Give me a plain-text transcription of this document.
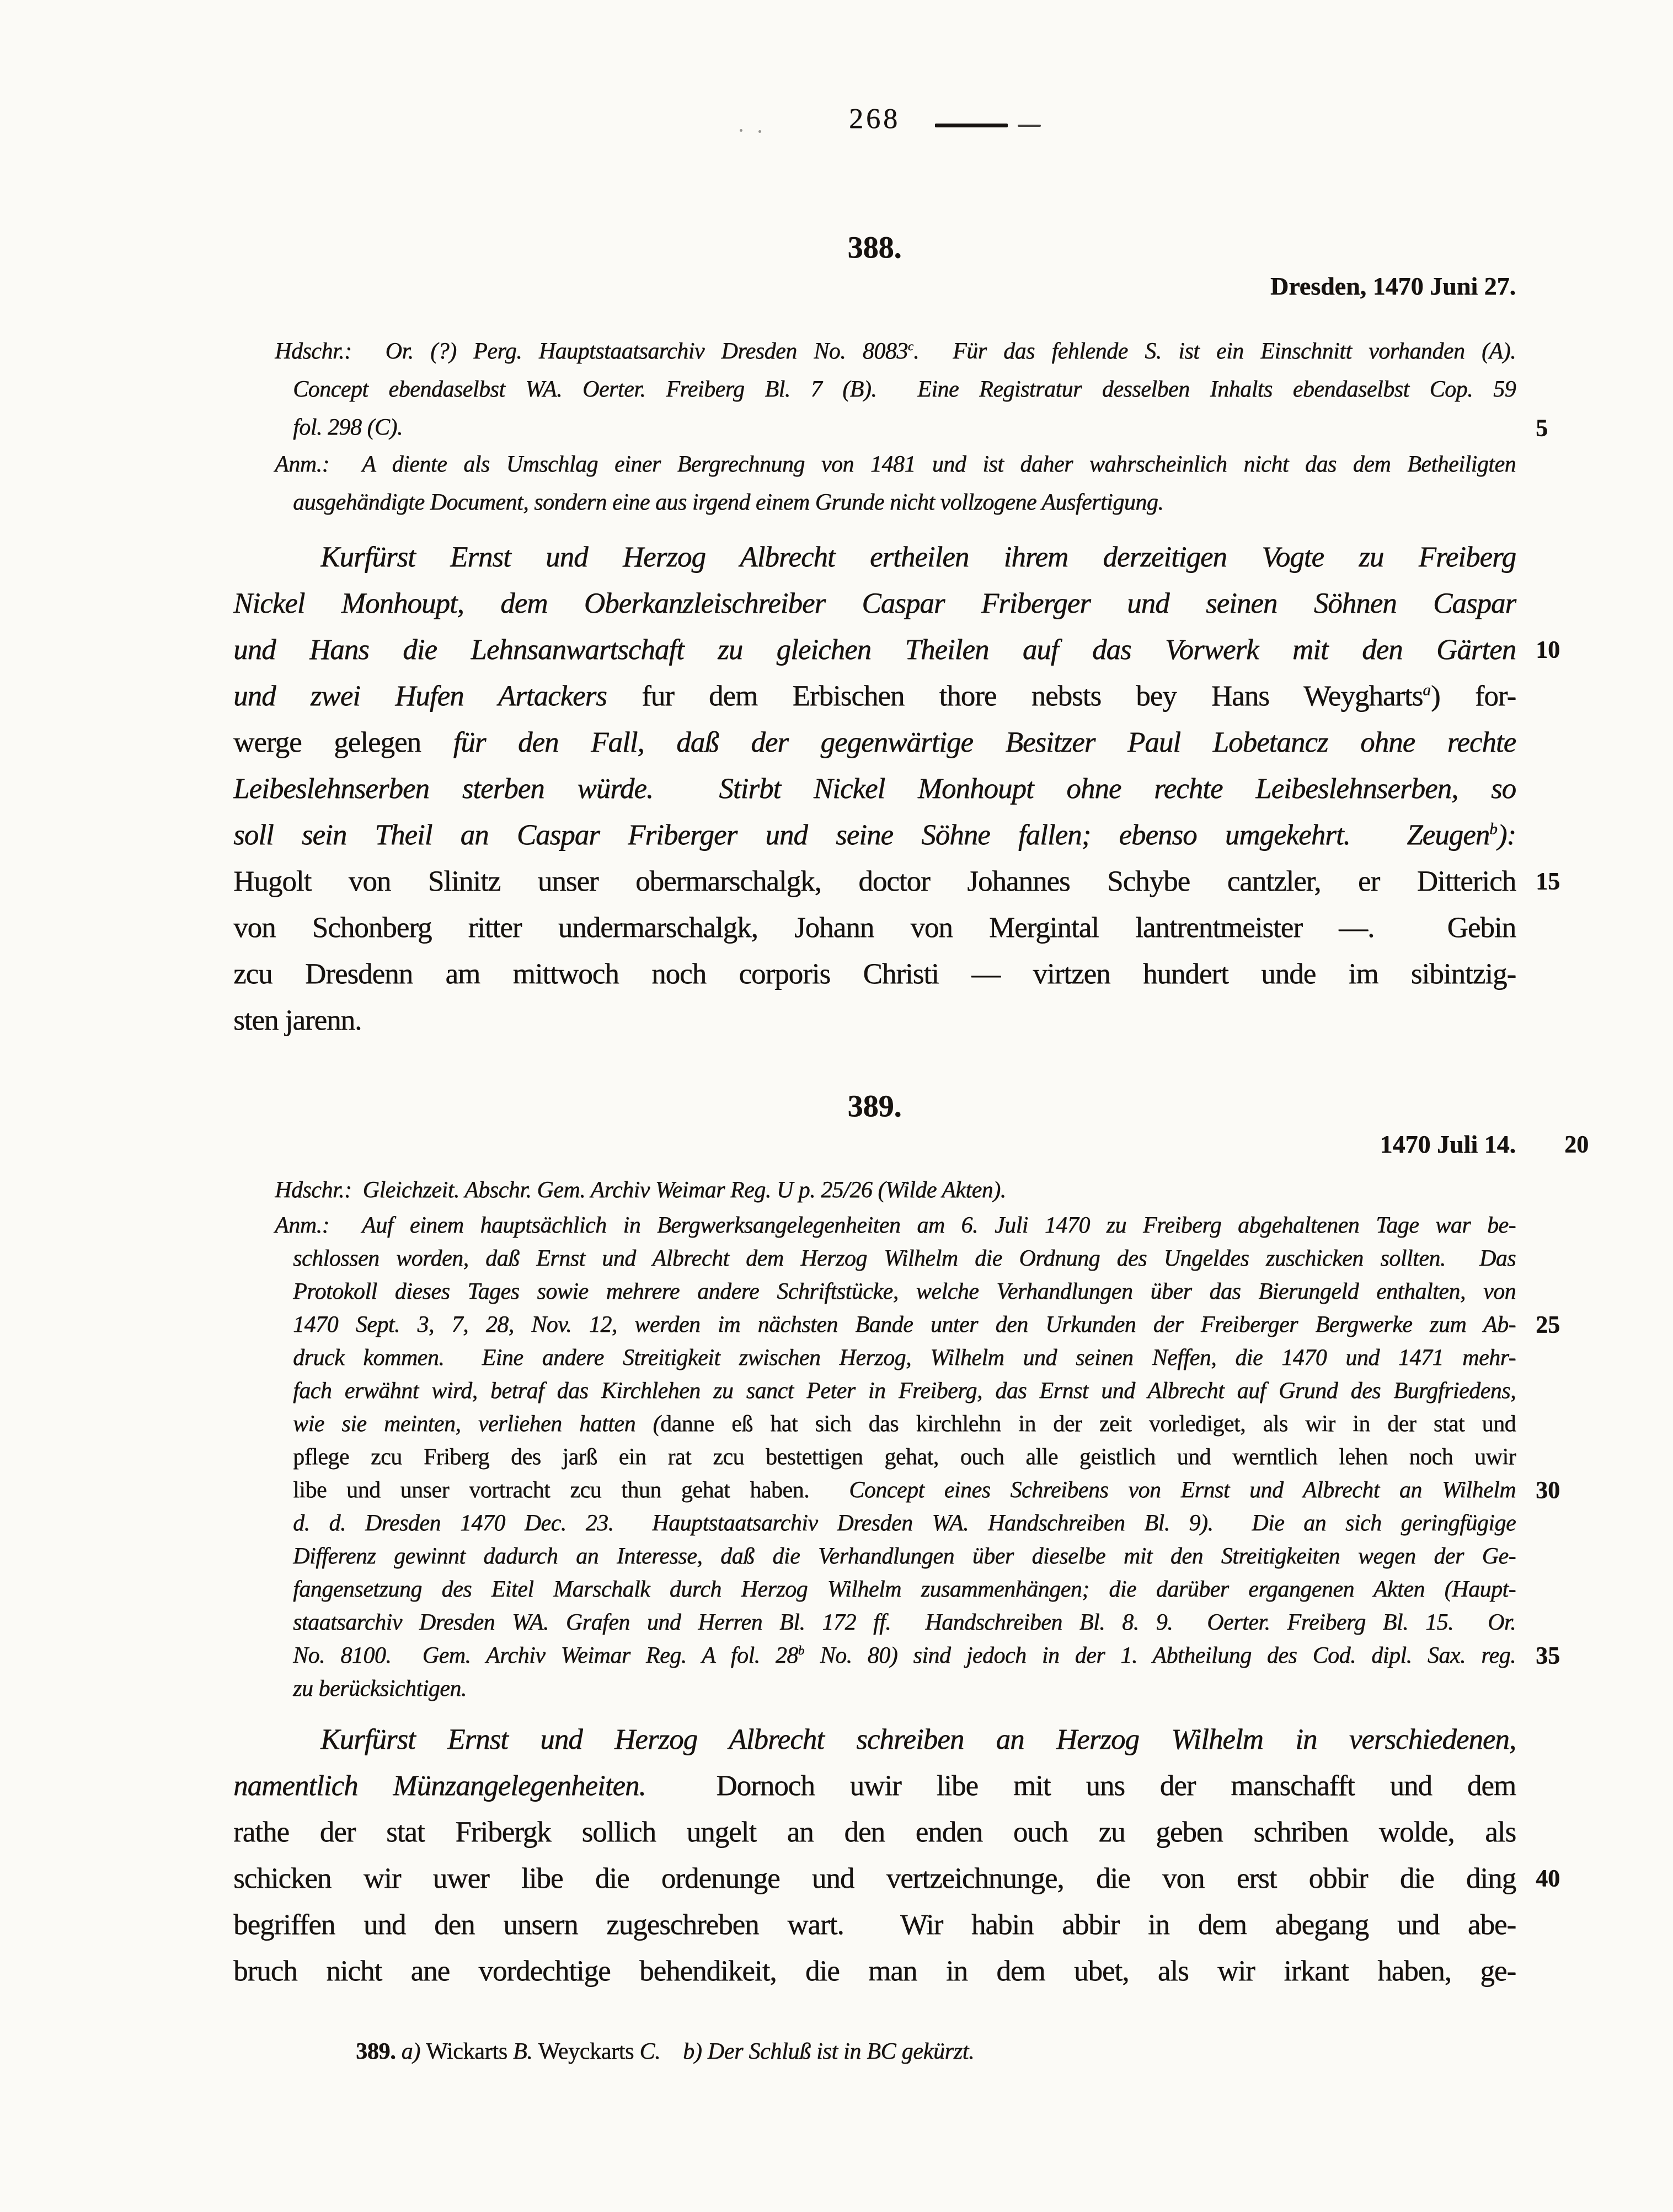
268
388.
Dresden, 1470 Juni 27.
Hdschr.:  Or. (?) Perg. Hauptstaatsarchiv Dresden No. 8083$^c$.  Für das fehlende S. ist ein Einschnitt vorhanden (A).
Concept ebendaselbst WA. Oerter. Freiberg Bl. 7 (B).  Eine Registratur desselben Inhalts ebendaselbst Cop. 59
fol. 298 (C).	5
Anm.:  A diente als Umschlag einer Bergrechnung von 1481 und ist daher wahrscheinlich nicht das dem Betheiligten
ausgehändigte Document, sondern eine aus irgend einem Grunde nicht vollzogene Ausfertigung.
Kurfürst Ernst und Herzog Albrecht ertheilen ihrem derzeitigen Vogte zu Freiberg
Nickel Monhoupt, dem Oberkanzleischreiber Caspar Friberger und seinen Söhnen Caspar
und Hans die Lehnsanwartschaft zu gleichen Theilen auf das Vorwerk mit den Gärten 10
und zwei Hufen Artackers fur dem Erbischen thore nebsts bey Hans Weygharts$^a$) for-
werge gelegen für den Fall, daß der gegenwärtige Besitzer Paul Lobetancz ohne rechte
Leibeslehnserben sterben würde.  Stirbt Nickel Monhoupt ohne rechte Leibeslehnserben, so
soll sein Theil an Caspar Friberger und seine Söhne fallen; ebenso umgekehrt.  Zeugen$^b$):
Hugolt von Slinitz unser obermarschalgk, doctor Johannes Schybe cantzler, er Ditterich 15
von Schonberg ritter undermarschalgk, Johann von Mergintal lantrentmeister —.  Gebin
zcu Dresdenn am mittwoch noch corporis Christi — virtzen hundert unde im sibintzig-
sten jarenn.
389.
1470 Juli 14.	20
Hdschr.:  Gleichzeit. Abschr. Gem. Archiv Weimar Reg. U p. 25/26 (Wilde Akten).
Anm.:  Auf einem hauptsächlich in Bergwerksangelegenheiten am 6. Juli 1470 zu Freiberg abgehaltenen Tage war be-
schlossen worden, daß Ernst und Albrecht dem Herzog Wilhelm die Ordnung des Ungeldes zuschicken sollten.  Das
Protokoll dieses Tages sowie mehrere andere Schriftstücke, welche Verhandlungen über das Bierungeld enthalten, von
1470 Sept. 3, 7, 28, Nov. 12, werden im nächsten Bande unter den Urkunden der Freiberger Bergwerke zum Ab- 25
druck kommen.  Eine andere Streitigkeit zwischen Herzog, Wilhelm und seinen Neffen, die 1470 und 1471 mehr-
fach erwähnt wird, betraf das Kirchlehen zu sanct Peter in Freiberg, das Ernst und Albrecht auf Grund des Burgfriedens,
wie sie meinten, verliehen hatten (danne eß hat sich das kirchlehn in der zeit vorlediget, als wir in der stat und
pflege zcu Friberg des jarß ein rat zcu bestettigen gehat, ouch alle geistlich und werntlich lehen noch uwir
libe und unser vortracht zcu thun gehat haben.  Concept eines Schreibens von Ernst und Albrecht an Wilhelm 30
d. d. Dresden 1470 Dec. 23.  Hauptstaatsarchiv Dresden WA. Handschreiben Bl. 9).  Die an sich geringfügige
Differenz gewinnt dadurch an Interesse, daß die Verhandlungen über dieselbe mit den Streitigkeiten wegen der Ge-
fangensetzung des Eitel Marschalk durch Herzog Wilhelm zusammenhängen; die darüber ergangenen Akten (Haupt-
staatsarchiv Dresden WA. Grafen und Herren Bl. 172 ff.  Handschreiben Bl. 8. 9.  Oerter. Freiberg Bl. 15.  Or.
No. 8100.  Gem. Archiv Weimar Reg. A fol. 28$^b$ No. 80) sind jedoch in der 1. Abtheilung des Cod. dipl. Sax. reg. 35
zu berücksichtigen.
Kurfürst Ernst und Herzog Albrecht schreiben an Herzog Wilhelm in verschiedenen,
namentlich Münzangelegenheiten.  Dornoch uwir libe mit uns der manschafft und dem
rathe der stat Fribergk sollich ungelt an den enden ouch zu geben schriben wolde, als
schicken wir uwer libe die ordenunge und vertzeichnunge, die von erst obbir die ding 40
begriffen und den unsern zugeschreben wart.  Wir habin abbir in dem abegang und abe-
bruch nicht ane vordechtige behendikeit, die man in dem ubet, als wir irkant haben, ge-
389. a) Wickarts B. Weyckarts C.    b) Der Schluß ist in BC gekürzt.
